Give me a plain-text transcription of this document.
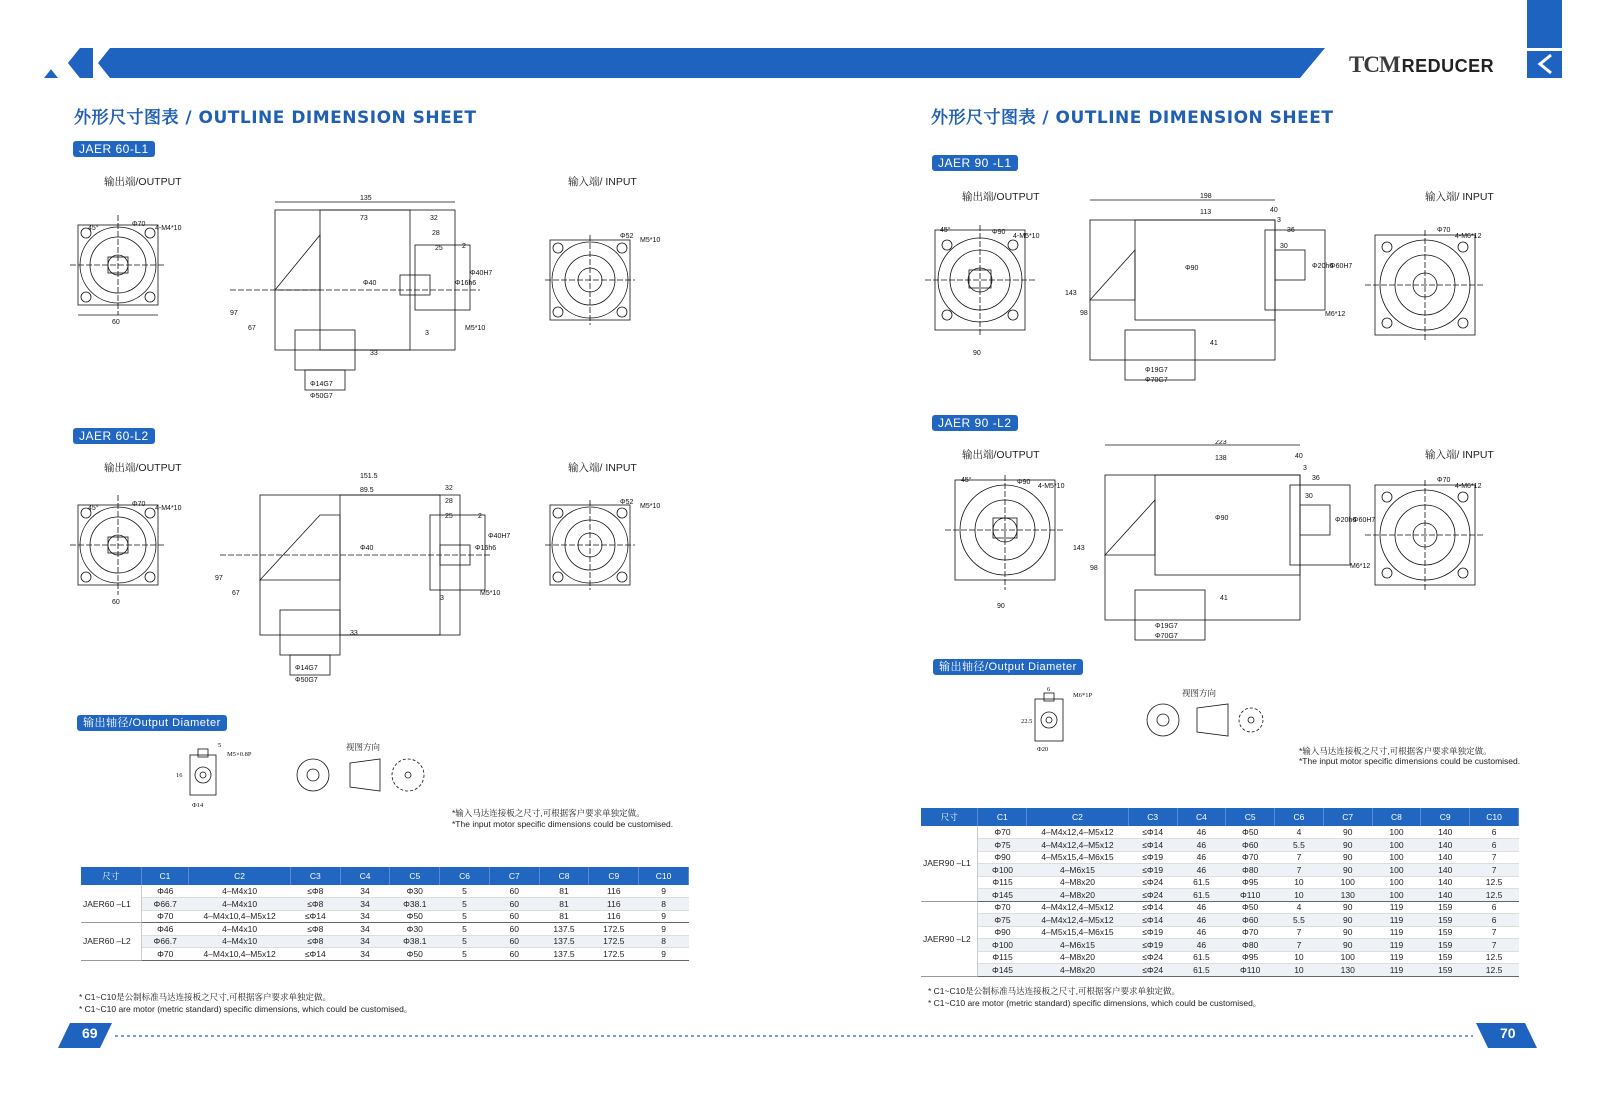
TCM REDUCER
外形尺寸图表 / OUTLINE DIMENSION SHEET
JAER 60-L1
输出端/OUTPUT	输入端/ INPUT
JAER 60-L2
输出端/OUTPUT	输入端/ INPUT
60
45°
Φ70
4-M4*10
135
73	32
28
2
25
Φ40	Φ16h6
Φ40H7
M5*10
3
97
67
33
Φ14G7
Φ50G7
Φ52
M5*10
60
45°
Φ70
4-M4*10
151.5
89.5	32
28
2
25
Φ40	Φ16h6
Φ40H7
M5*10
3
97
67
33
Φ14G7
Φ50G7
Φ52
M5*10
输出轴径/Output Diameter
5
M5×0.8P
16
Φ14
视图方向
*输入马达连接板之尺寸,可根据客户要求单独定做。
*The input motor specific dimensions could be customised.
尺寸	C1	C2	C3	C4	C5	C6	C7	C8	C9	C10
JAER60 –L1	Φ46	4–M4x10	≤Φ8	34	Φ30	5	60	81	116	9
	Φ66.7	4–M4x10	≤Φ8	34	Φ38.1	5	60	81	116	8
	Φ70	4–M4x10,4–M5x12	≤Φ14	34	Φ50	5	60	81	116	9
JAER60 –L2	Φ46	4–M4x10	≤Φ8	34	Φ30	5	60	137.5	172.5	9
	Φ66.7	4–M4x10	≤Φ8	34	Φ38.1	5	60	137.5	172.5	8
	Φ70	4–M4x10,4–M5x12	≤Φ14	34	Φ50	5	60	137.5	172.5	9
* C1~C10是公制标准马达连接板之尺寸,可根据客户要求单独定做。
* C1~C10 are motor (metric standard) specific dimensions, which could be customised。
外形尺寸图表 / OUTLINE DIMENSION SHEET
JAER 90 -L1
输出端/OUTPUT	输入端/ INPUT
JAER 90 -L2
输出端/OUTPUT	输入端/ INPUT
90
45°	Φ90
4-M5*10
198
113	40
3
36
30
Φ20h6
Φ60H7
M6*12
Φ90
143
98
41
Φ19G7
Φ70G7
Φ70
4-M6*12
90
45°	Φ90
4-M5*10
223
138	40
3
36
30
Φ20h6
Φ60H7
M6*12
Φ90
143
98
41
Φ19G7
Φ70G7
Φ70
4-M6*12
输出轴径/Output Diameter
6
M6*1P
22.5
Φ20
视图方向
*输入马达连接板之尺寸,可根据客户要求单独定做。
*The input motor specific dimensions could be customised.
尺寸	C1	C2	C3	C4	C5	C6	C7	C8	C9	C10
JAER90 –L1	Φ70	4–M4x12,4–M5x12	≤Φ14	46	Φ50	4	90	100	140	6
	Φ75	4–M4x12,4–M5x12	≤Φ14	46	Φ60	5.5	90	100	140	6
	Φ90	4–M5x15,4–M6x15	≤Φ19	46	Φ70	7	90	100	140	7
	Φ100	4–M6x15	≤Φ19	46	Φ80	7	90	100	140	7
	Φ115	4–M8x20	≤Φ24	61.5	Φ95	10	100	100	140	12.5
	Φ145	4–M8x20	≤Φ24	61.5	Φ110	10	130	100	140	12.5
JAER90 –L2	Φ70	4–M4x12,4–M5x12	≤Φ14	46	Φ50	4	90	119	159	6
	Φ75	4–M4x12,4–M5x12	≤Φ14	46	Φ60	5.5	90	119	159	6
	Φ90	4–M5x15,4–M6x15	≤Φ19	46	Φ70	7	90	119	159	7
	Φ100	4–M6x15	≤Φ19	46	Φ80	7	90	119	159	7
	Φ115	4–M8x20	≤Φ24	61.5	Φ95	10	100	119	159	12.5
	Φ145	4–M8x20	≤Φ24	61.5	Φ110	10	130	119	159	12.5
* C1~C10是公制标准马达连接板之尺寸,可根据客户要求单独定做。
* C1~C10 are motor (metric standard) specific dimensions, which could be customised。
69	70
